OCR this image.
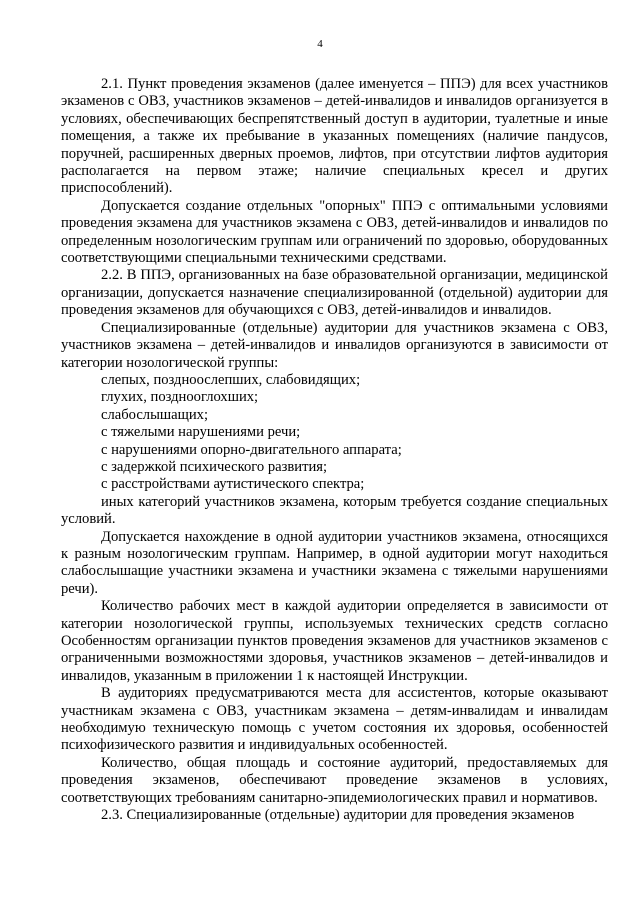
4

2.1. Пункт проведения экзаменов (далее именуется – ППЭ) для всех участников экзаменов с ОВЗ, участников экзаменов – детей-инвалидов и инвалидов организуется в условиях, обеспечивающих беспрепятственный доступ в аудитории, туалетные и иные помещения, а также их пребывание в указанных помещениях (наличие пандусов, поручней, расширенных дверных проемов, лифтов, при отсутствии лифтов аудитория располагается на первом этаже; наличие специальных кресел и других приспособлений).

Допускается создание отдельных "опорных" ППЭ с оптимальными условиями проведения экзамена для участников экзамена с ОВЗ, детей-инвалидов и инвалидов по определенным нозологическим группам или ограничений по здоровью, оборудованных соответствующими специальными техническими средствами.

2.2. В ППЭ, организованных на базе образовательной организации, медицинской организации, допускается назначение специализированной (отдельной) аудитории для проведения экзаменов для обучающихся с ОВЗ, детей-инвалидов и инвалидов.

Специализированные (отдельные) аудитории для участников экзамена с ОВЗ, участников экзамена – детей-инвалидов и инвалидов организуются в зависимости от категории нозологической группы:

слепых, поздноослепших, слабовидящих;

глухих, позднооглохших;

слабослышащих;

с тяжелыми нарушениями речи;

с нарушениями опорно-двигательного аппарата;

с задержкой психического развития;

с расстройствами аутистического спектра;

иных категорий участников экзамена, которым требуется создание специальных условий.

Допускается нахождение в одной аудитории участников экзамена, относящихся к разным нозологическим группам. Например, в одной аудитории могут находиться слабослышащие участники экзамена и участники экзамена с тяжелыми нарушениями речи).

Количество рабочих мест в каждой аудитории определяется в зависимости от категории нозологической группы, используемых технических средств согласно Особенностям организации пунктов проведения экзаменов для участников экзаменов с ограниченными возможностями здоровья, участников экзаменов – детей-инвалидов и инвалидов, указанным в приложении 1 к настоящей Инструкции.

В аудиториях предусматриваются места для ассистентов, которые оказывают участникам экзамена с ОВЗ, участникам экзамена – детям-инвалидам и инвалидам необходимую техническую помощь с учетом состояния их здоровья, особенностей психофизического развития и индивидуальных особенностей.

Количество, общая площадь и состояние аудиторий, предоставляемых для проведения экзаменов, обеспечивают проведение экзаменов в условиях, соответствующих требованиям санитарно-эпидемиологических правил и нормативов.

2.3. Специализированные (отдельные) аудитории для проведения экзаменов
